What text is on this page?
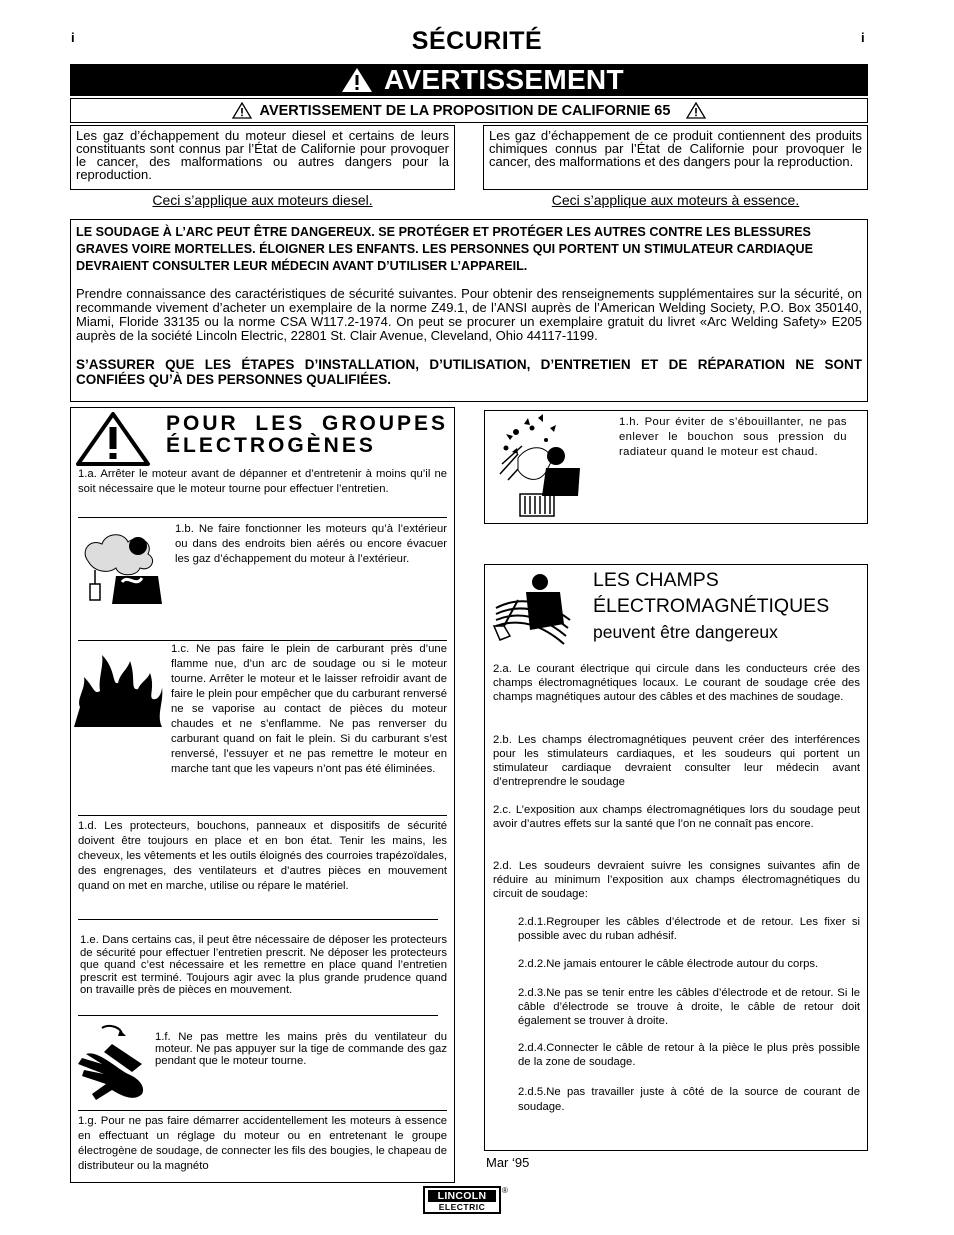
i	i
SÉCURITÉ
AVERTISSEMENT
AVERTISSEMENT DE LA PROPOSITION DE CALIFORNIE 65
Les gaz d’échappement du moteur diesel et certains de leurs constituants sont connus par l’État de Californie pour provoquer le cancer, des malformations ou autres dangers pour la reproduction.
Ceci s’applique aux moteurs diesel.
Les gaz d’échappement de ce produit contiennent des produits chimiques connus par l’État de Californie pour provoquer le cancer, des malformations et des dangers pour la reproduction.
Ceci s’applique aux moteurs à essence.
LE SOUDAGE À L’ARC PEUT ÊTRE DANGEREUX. SE PROTÉGER ET PROTÉGER LES AUTRES CONTRE LES BLESSURES GRAVES VOIRE MORTELLES. ÉLOIGNER LES ENFANTS. LES PERSONNES QUI PORTENT UN STIMULATEUR CARDIAQUE DEVRAIENT CONSULTER LEUR MÉDECIN AVANT D’UTILISER L’APPAREIL.
Prendre connaissance des caractéristiques de sécurité suivantes. Pour obtenir des renseignements supplémentaires sur la sécurité, on recommande vivement d’acheter un exemplaire de la norme Z49.1, de l’ANSI auprès de l’American Welding Society, P.O. Box 350140, Miami, Floride 33135 ou la norme CSA W117.2-1974. On peut se procurer un exemplaire gratuit du livret «Arc Welding Safety» E205 auprès de la société Lincoln Electric, 22801 St. Clair Avenue, Cleveland, Ohio 44117-1199.
S’ASSURER QUE LES ÉTAPES D’INSTALLATION, D’UTILISATION, D’ENTRETIEN ET DE RÉPARATION NE SONT CONFIÉES QU’À DES PERSONNES QUALIFIÉES.
POUR LES GROUPES ÉLECTROGÈNES
1.a. Arrêter le moteur avant de dépanner et d’entretenir à moins qu’il ne soit nécessaire que le moteur tourne pour effectuer l’entretien.
1.b. Ne faire fonctionner les moteurs qu’à l’extérieur ou dans des endroits bien aérés ou encore évacuer les gaz d’échappement du moteur à l’extérieur.
1.c. Ne pas faire le plein de carburant près d’une flamme nue, d’un arc de soudage ou si le moteur tourne. Arrêter le moteur et le laisser refroidir avant de faire le plein pour empêcher que du carburant renversé ne se vaporise au contact de pièces du moteur chaudes et ne s’enflamme. Ne pas renverser du carburant quand on fait le plein. Si du carburant s’est renversé, l’essuyer et ne pas remettre le moteur en marche tant que les vapeurs n’ont pas été éliminées.
1.d. Les protecteurs, bouchons, panneaux et dispositifs de sécurité doivent être toujours en place et en bon état. Tenir les mains, les cheveux, les vêtements et les outils éloignés des courroies trapézoïdales, des engrenages, des ventilateurs et d’autres pièces en mouvement quand on met en marche, utilise ou répare le matériel.
1.e. Dans certains cas, il peut être nécessaire de déposer les protecteurs de sécurité pour effectuer l’entretien prescrit. Ne déposer les protecteurs que quand c’est nécessaire et les remettre en place quand l’entretien prescrit est terminé. Toujours agir avec la plus grande prudence quand on travaille près de pièces en mouvement.
1.f. Ne pas mettre les mains près du ventilateur du moteur. Ne pas appuyer sur la tige de commande des gaz pendant que le moteur tourne.
1.g. Pour ne pas faire démarrer accidentellement les moteurs à essence en effectuant un réglage du moteur ou en entretenant le groupe électrogène de soudage, de connecter les fils des bougies, le chapeau de distributeur ou la magnéto
1.h. Pour éviter de s’ébouillanter, ne pas enlever le bouchon sous pression du radiateur quand le moteur est chaud.
LES CHAMPS
ÉLECTROMAGNÉTIQUES
peuvent être dangereux
2.a. Le courant électrique qui circule dans les conducteurs crée des champs électromagnétiques locaux. Le courant de soudage crée des champs magnétiques autour des câbles et des machines de soudage.
2.b. Les champs électromagnétiques peuvent créer des interférences pour les stimulateurs cardiaques, et les soudeurs qui portent un stimulateur cardiaque devraient consulter leur médecin avant d’entreprendre le soudage
2.c. L’exposition aux champs électromagnétiques lors du soudage peut avoir d’autres effets sur la santé que l’on ne connaît pas encore.
2.d. Les soudeurs devraient suivre les consignes suivantes afin de réduire au minimum l’exposition aux champs électromagnétiques du circuit de soudage:
2.d.1.Regrouper les câbles d’électrode et de retour. Les fixer si possible avec du ruban adhésif.
2.d.2.Ne jamais entourer le câble électrode autour du corps.
2.d.3.Ne pas se tenir entre les câbles d’électrode et de retour. Si le câble d’électrode se trouve à droite, le câble de retour doit également se trouver à droite.
2.d.4.Connecter le câble de retour à la pièce le plus près possible de la zone de soudage.
2.d.5.Ne pas travailler juste à côté de la source de courant de soudage.
Mar ‘95
LINCOLN
ELECTRIC
®
